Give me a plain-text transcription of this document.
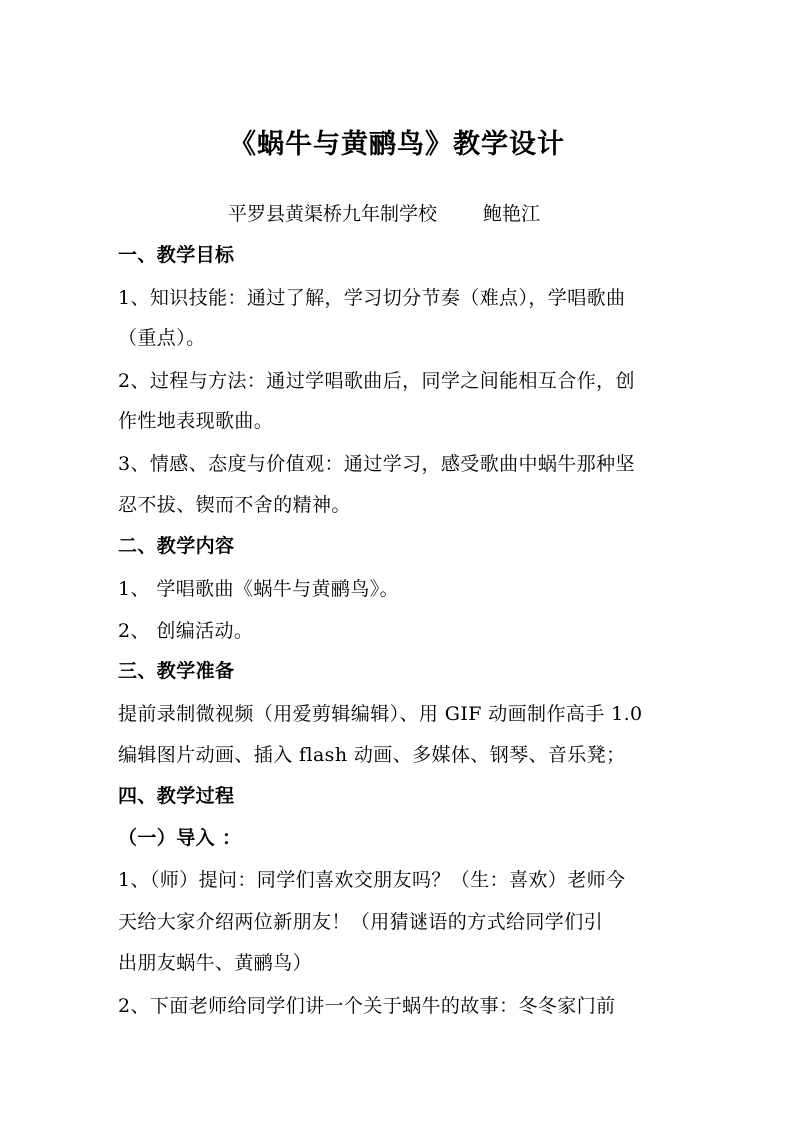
《蜗牛与黄鹂鸟》教学设计
平罗县黄渠桥九年制学校 鲍艳江
一、教学目标
1、知识技能：通过了解，学习切分节奏（难点），学唱歌曲
（重点）。
2、过程与方法：通过学唱歌曲后，同学之间能相互合作，创
作性地表现歌曲。
3、情感、态度与价值观：通过学习，感受歌曲中蜗牛那种坚
忍不拔、锲而不舍的精神。
二、教学内容
1、 学唱歌曲《蜗牛与黄鹂鸟》。
2、 创编活动。
三、教学准备
提前录制微视频（用爱剪辑编辑）、用 GIF 动画制作高手 1.0
编辑图片动画、插入 flash 动画、多媒体、钢琴、音乐凳；
四、教学过程
（一）导入 ：
1、（师）提问：同学们喜欢交朋友吗？（生：喜欢）老师今
天给大家介绍两位新朋友！（用猜谜语的方式给同学们引
出朋友蜗牛、黄鹂鸟）
2、下面老师给同学们讲一个关于蜗牛的故事：冬冬家门前
